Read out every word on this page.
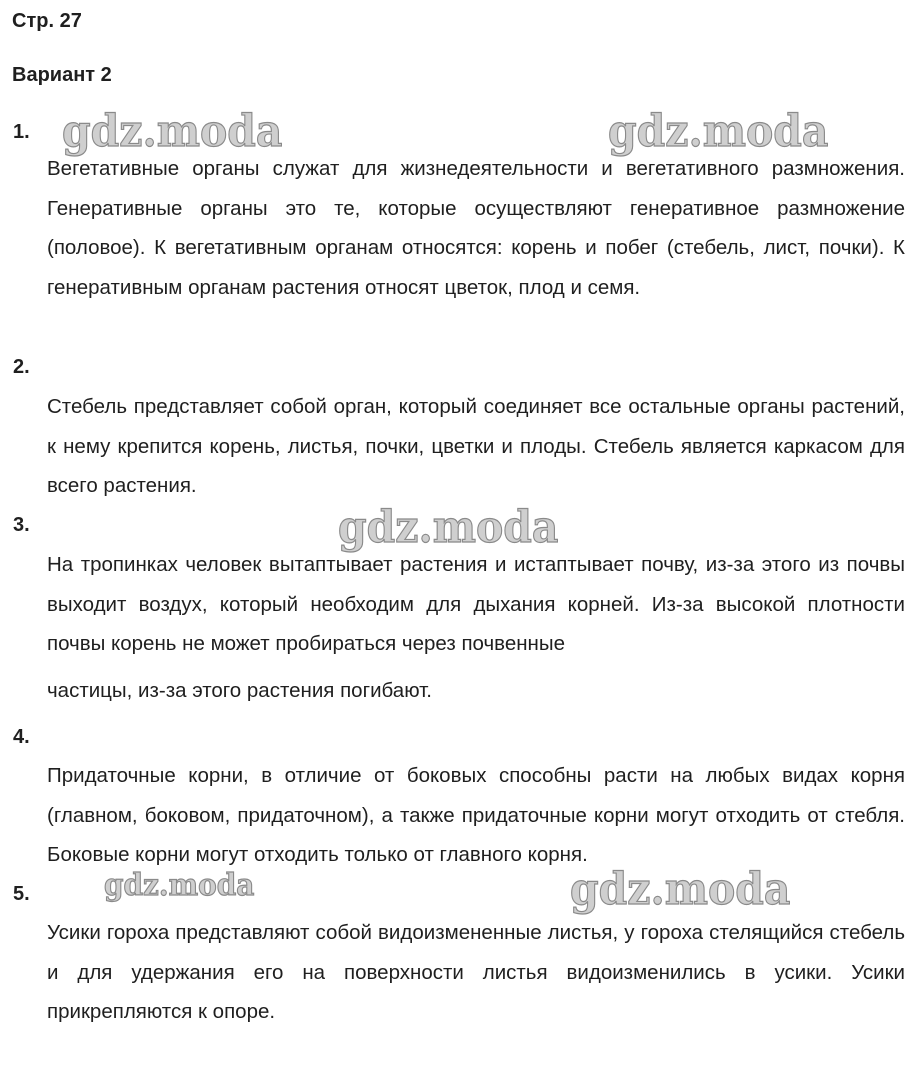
Стр. 27
Вариант 2
1.

Вегетативные органы служат для жизнедеятельности и вегетативного размножения. Генеративные органы это те, которые осуществляют генеративное размножение (половое). К вегетативным органам относятся: корень и побег (стебель, лист, почки). К генеративным органам растения относят цветок, плод и семя.

2.

Стебель представляет собой орган, который соединяет все остальные органы растений, к нему крепится корень, листья, почки, цветки и плоды. Стебель является каркасом для всего растения.

3.

На тропинках человек вытаптывает растения и истаптывает почву, из-за этого из почвы выходит воздух, который необходим для дыхания корней. Из-за высокой плотности почвы корень не может пробираться через почвенные

частицы, из-за этого растения погибают.

4.

Придаточные корни, в отличие от боковых способны расти на любых видах корня (главном, боковом, придаточном), а также придаточные корни могут отходить от стебля. Боковые корни могут отходить только от главного корня.

5.

Усики гороха представляют собой видоизмененные листья, у гороха стелящийся стебель и для удержания его на поверхности листья видоизменились в усики. Усики прикрепляются к опоре.

gdz.moda	gdz.moda
gdz.moda
gdz.moda	gdz.moda
